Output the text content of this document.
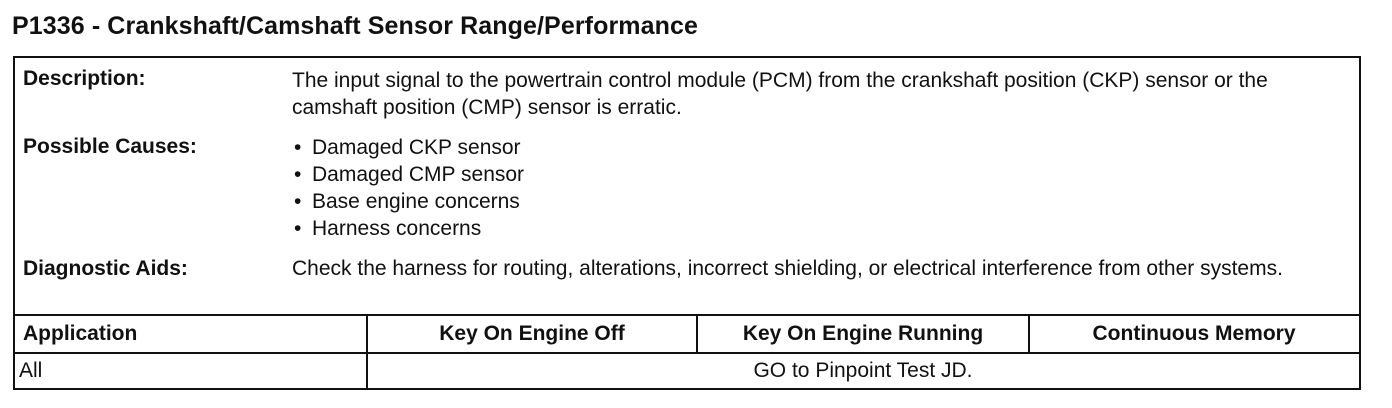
P1336 - Crankshaft/Camshaft Sensor Range/Performance
Description:	The input signal to the powertrain control module (PCM) from the crankshaft position (CKP) sensor or the camshaft position (CMP) sensor is erratic.
Possible Causes:
•	Damaged CKP sensor
• Damaged CMP sensor
• Base engine concerns
• Harness concerns
Diagnostic Aids:	Check the harness for routing, alterations, incorrect shielding, or electrical interference from other systems.
Application	Key On Engine Off	Key On Engine Running	Continuous Memory
All	GO to Pinpoint Test JD.
